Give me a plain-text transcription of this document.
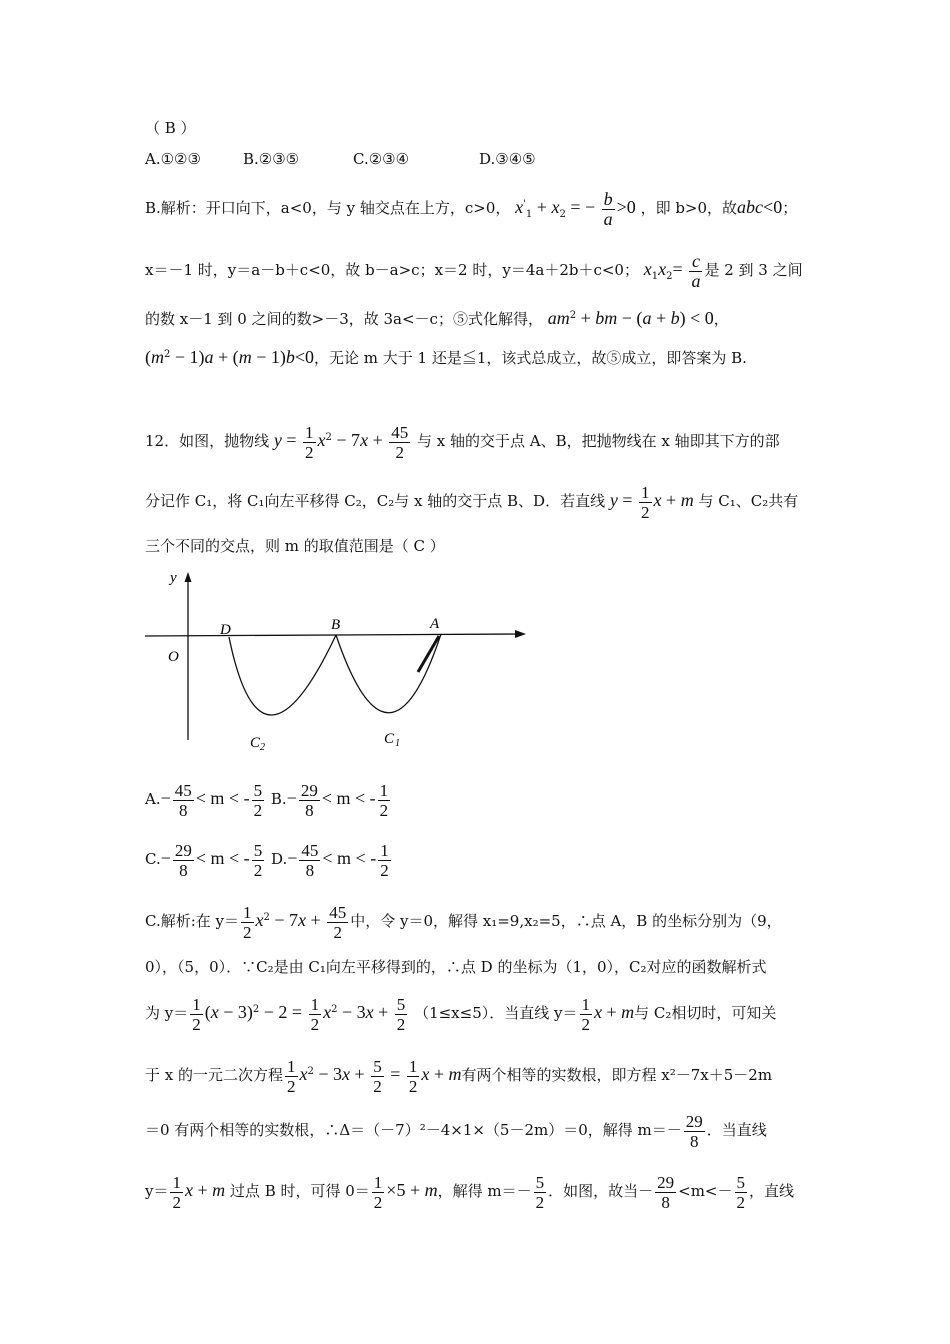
（ B ）
A.①②③	B.②③⑤	C.②③④	D.③④⑤
B.解析：开口向下，a<0，与 y 轴交点在上方，c>0， $x'_1 + x_2$ = − $\frac{b}{a} >0$ ，即 b>0，故abc<0；
x＝－1 时，y＝a－b＋c<0，故 b－a>c；x＝2 时，y＝4a＋2b＋c<0； $x_1x_2= \frac{c}{a}$ 是 2 到 3 之间
的数 x－1 到 0 之间的数>－3，故 3a<－c；⑤式化解得， $am^2$ + bm − (a + b) < 0，
$(m^2 - 1)a + (m - 1)b<0$，无论 m 大于 1 还是≦1，该式总成立，故⑤成立，即答案为 B.
12．如图，抛物线 $y = \frac{1}{2} x^2 - 7x + \frac{45}{2}$ 与 x 轴的交于点 A、B，把抛物线在 x 轴即其下方的部
分记作 C₁，将 C₁向左平移得 C₂，C₂与 x 轴的交于点 B、D．若直线 $y = \frac{1}{2}$ x + m 与 C₁、C₂共有
三个不同的交点，则 m 的取值范围是（ C ）
y
O
D	B	A
C 2
C 1
$A.- \frac{45}{8} < m$ < - $\frac{5}{2} B.- \frac{29}{8} < m$ < - $\frac{1}{2}$
$C.- \frac{29}{8} < m$ < - $\frac{5}{2} D.- \frac{45}{8} < m$ < - $\frac{1}{2}$
C.解析:在 $y= \frac{1}{2} x^2 - 7x + \frac{45}{2}$ 中，令 y＝0，解得 x₁=9,x₂=5，∴点 A，B 的坐标分别为（9，
0），（5，0）．∵C₂是由 C₁向左平移得到的，∴点 D 的坐标为（1，0），C₂对应的函数解析式
为 $y= \frac{1}{2} (x - 3)^2 - 2 = \frac{1}{2} x^2 - 3x + \frac{5}{2} (1\le x\le 5)$．当直线 $y= \frac{1}{2}$ x + m与 C₂相切时，可知关
于 x 的一元二次方程 $\frac{1}{2} x^2 - 3x + \frac{5}{2} = \frac{1}{2}$ x + m有两个相等的实数根，即方程 x²－7x＋5－2m
＝0 有两个相等的实数根，∴Δ＝（－7）²－4×1×（5－2m）＝0，解得 $m=- \frac{29}{8}$ ．当直线
$y= \frac{1}{2}$ x + m 过点 B 时，可得 $0= \frac{1}{2} \times 5 + m$，解得 $m=- \frac{5}{2}$ ．如图，故当－ $\frac{29}{8} <m<- \frac{5}{2}$ ，直线
